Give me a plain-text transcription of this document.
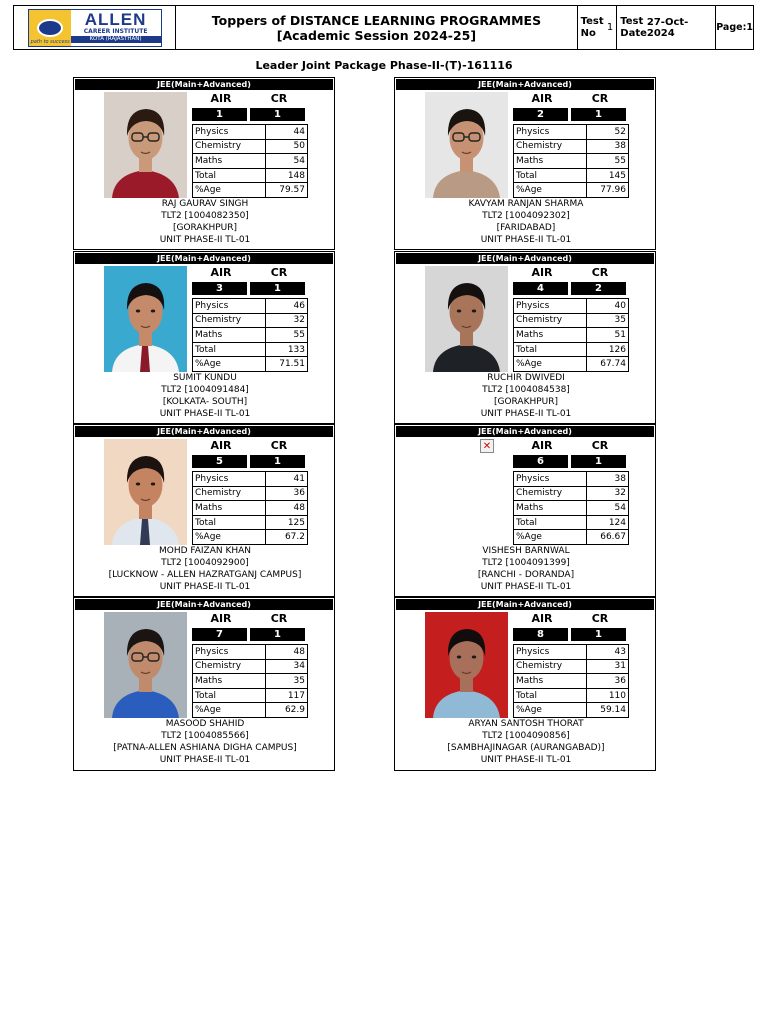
path to success
ALLEN
CAREER INSTITUTE
KOTA (RAJASTHAN)
Toppers of DISTANCE LEARNING PROGRAMMES
[Academic Session 2024-25]
Test
No	1
Test
Date
27-Oct-2024	Page:1
Leader Joint Package Phase-II-(T)-161116
JEE(Main+Advanced)
AIR	CR
1	1
Physics	44
Chemistry	50
Maths	54
Total	148
%Age	79.57
RAJ GAURAV SINGH
TLT2 [1004082350]
[GORAKHPUR]
UNIT PHASE-II TL-01
JEE(Main+Advanced)
AIR	CR
2	1
Physics	52
Chemistry	38
Maths	55
Total	145
%Age	77.96
KAVYAM RANJAN SHARMA
TLT2 [1004092302]
[FARIDABAD]
UNIT PHASE-II TL-01
JEE(Main+Advanced)
AIR	CR
3	1
Physics	46
Chemistry	32
Maths	55
Total	133
%Age	71.51
SUMIT KUNDU
TLT2 [1004091484]
[KOLKATA- SOUTH]
UNIT PHASE-II TL-01
JEE(Main+Advanced)
AIR	CR
4	2
Physics	40
Chemistry	35
Maths	51
Total	126
%Age	67.74
RUCHIR DWIVEDI
TLT2 [1004084538]
[GORAKHPUR]
UNIT PHASE-II TL-01
JEE(Main+Advanced)
AIR	CR
5	1
Physics	41
Chemistry	36
Maths	48
Total	125
%Age	67.2
MOHD FAIZAN KHAN
TLT2 [1004092900]
[LUCKNOW - ALLEN HAZRATGANJ CAMPUS]
UNIT PHASE-II TL-01
JEE(Main+Advanced)
✕	AIR	CR
6	1
Physics	38
Chemistry	32
Maths	54
Total	124
%Age	66.67
VISHESH BARNWAL
TLT2 [1004091399]
[RANCHI - DORANDA]
UNIT PHASE-II TL-01
JEE(Main+Advanced)
AIR	CR
7	1
Physics	48
Chemistry	34
Maths	35
Total	117
%Age	62.9
MASOOD SHAHID
TLT2 [1004085566]
[PATNA-ALLEN ASHIANA DIGHA CAMPUS]
UNIT PHASE-II TL-01
JEE(Main+Advanced)
AIR	CR
8	1
Physics	43
Chemistry	31
Maths	36
Total	110
%Age	59.14
ARYAN SANTOSH THORAT
TLT2 [1004090856]
[SAMBHAJINAGAR (AURANGABAD)]
UNIT PHASE-II TL-01
